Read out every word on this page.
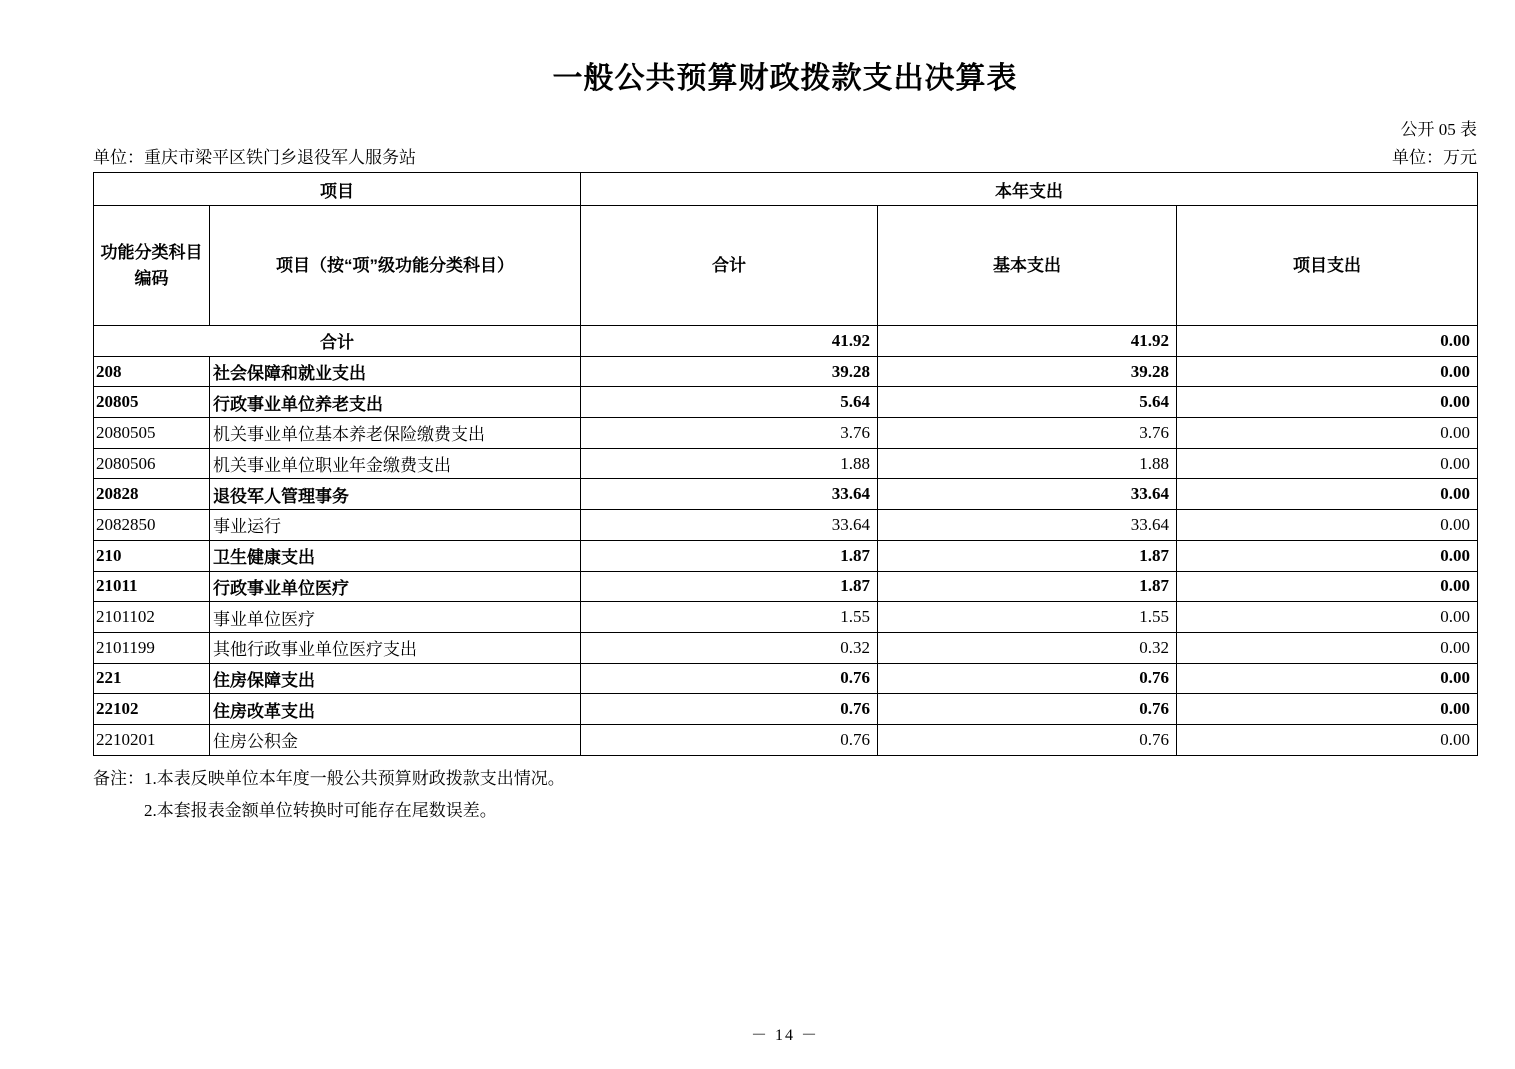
一般公共预算财政拨款支出决算表
公开 05 表
单位：重庆市梁平区铁门乡退役军人服务站	单位：万元
项目		本年支出		
功能分类科目
编码	项目（按“项”级功能分类科目）	合计	基本支出	项目支出
合计		41.92	41.92	0.00
208	社会保障和就业支出	39.28	39.28	0.00
20805	行政事业单位养老支出	5.64	5.64	0.00
2080505	机关事业单位基本养老保险缴费支出	3.76	3.76	0.00
2080506	机关事业单位职业年金缴费支出	1.88	1.88	0.00
20828	退役军人管理事务	33.64	33.64	0.00
2082850	事业运行	33.64	33.64	0.00
210	卫生健康支出	1.87	1.87	0.00
21011	行政事业单位医疗	1.87	1.87	0.00
2101102	事业单位医疗	1.55	1.55	0.00
2101199	其他行政事业单位医疗支出	0.32	0.32	0.00
221	住房保障支出	0.76	0.76	0.00
22102	住房改革支出	0.76	0.76	0.00
2210201	住房公积金	0.76	0.76	0.00
备注：1.本表反映单位本年度一般公共预算财政拨款支出情况。
2.本套报表金额单位转换时可能存在尾数误差。
－ 14 －
